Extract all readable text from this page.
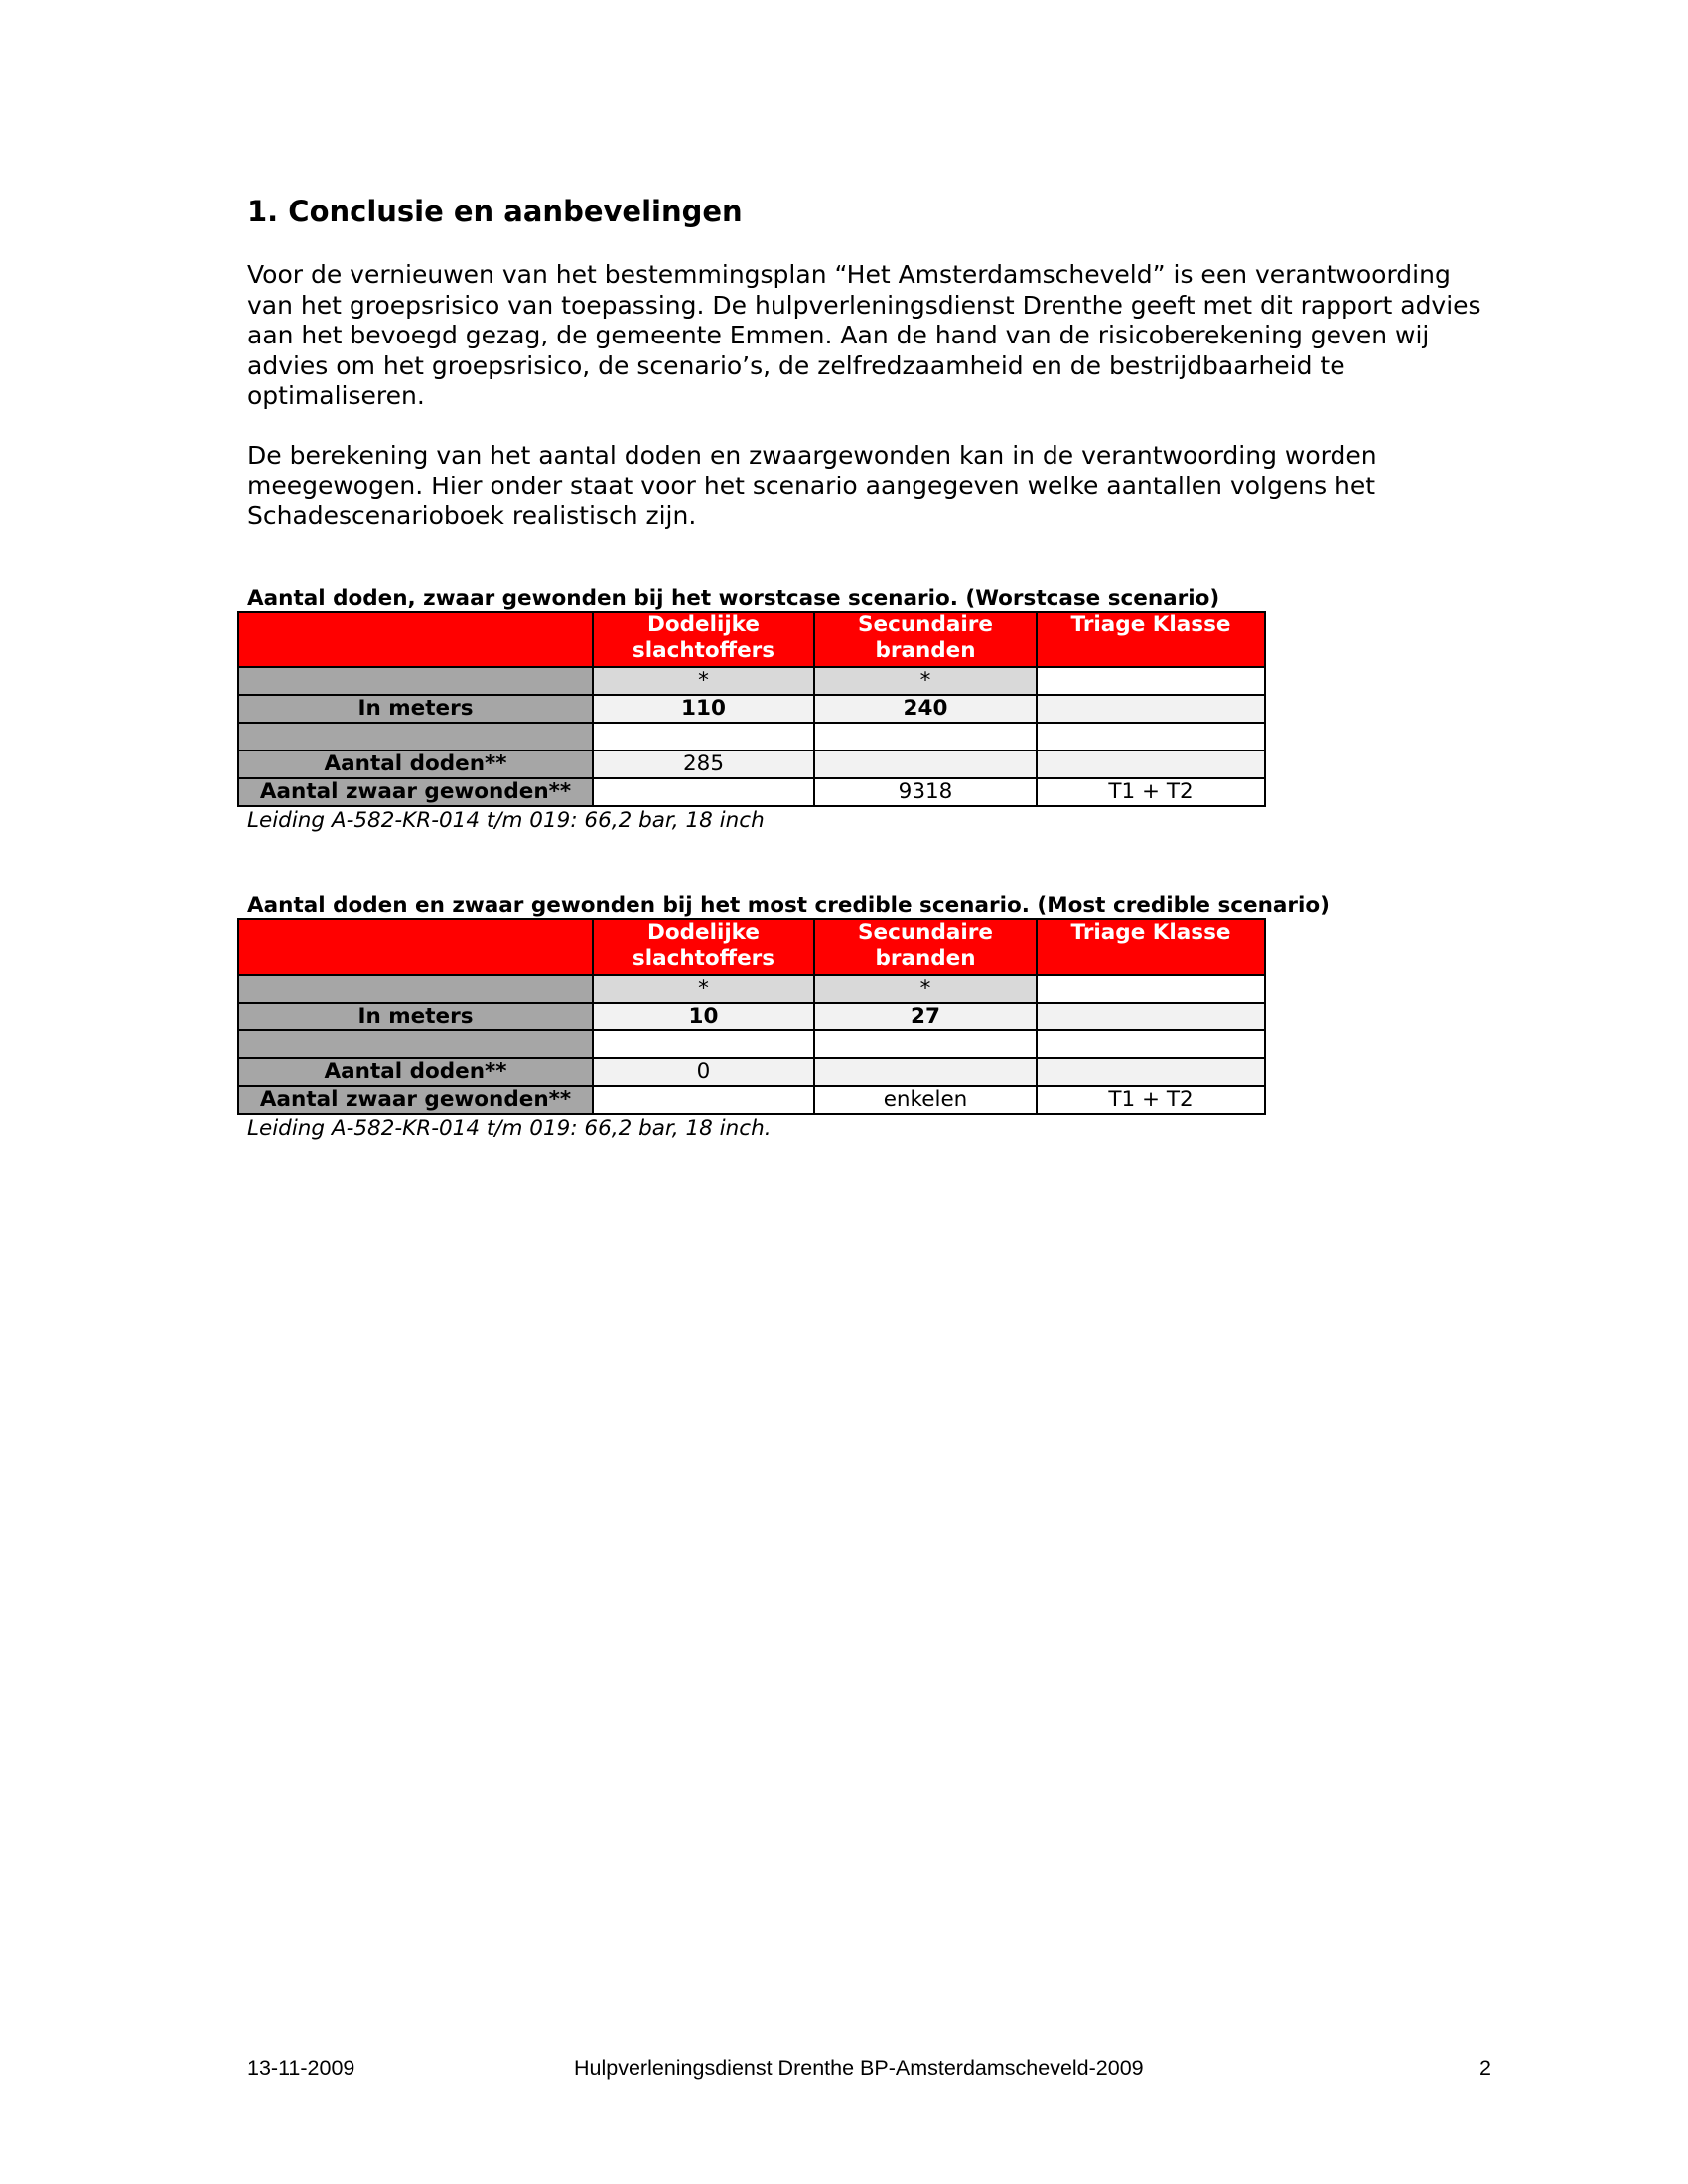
1. Conclusie en aanbevelingen

Voor de vernieuwen van het bestemmingsplan “Het Amsterdamscheveld” is een verantwoording van het groepsrisico van toepassing. De hulpverleningsdienst Drenthe geeft met dit rapport advies aan het bevoegd gezag, de gemeente Emmen. Aan de hand van de risicoberekening geven wij advies om het groepsrisico, de scenario’s, de zelfredzaamheid en de bestrijdbaarheid te optimaliseren.

De berekening van het aantal doden en zwaargewonden kan in de verantwoording worden meegewogen. Hier onder staat voor het scenario aangegeven welke aantallen volgens het Schadescenarioboek realistisch zijn.

Aantal doden, zwaar gewonden bij het worstcase scenario. (Worstcase scenario)

	Dodelijke slachtoffers	Secundaire branden	Triage Klasse
	*	*	
In meters	110	240	

Aantal doden**	285		
Aantal zwaar gewonden**		9318	T1 + T2

Leiding A-582-KR-014 t/m 019: 66,2 bar, 18 inch

Aantal doden en zwaar gewonden bij het most credible scenario. (Most credible scenario)

	Dodelijke slachtoffers	Secundaire branden	Triage Klasse
	*	*	
In meters	10	27	

Aantal doden**	0		
Aantal zwaar gewonden**		enkelen	T1 + T2

Leiding A-582-KR-014 t/m 019: 66,2 bar, 18 inch.

13-11-2009	Hulpverleningsdienst Drenthe BP-Amsterdamscheveld-2009	2
